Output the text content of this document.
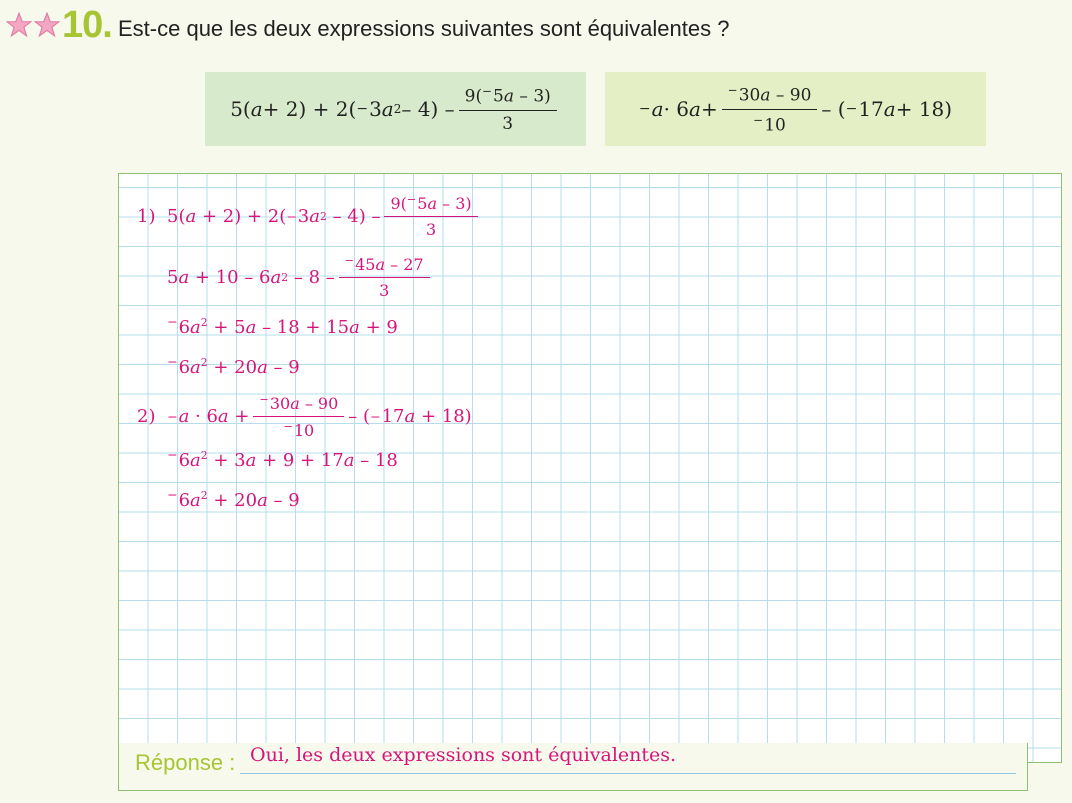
10. Est-ce que les deux expressions suivantes sont équivalentes ?
5( a + 2) + 2( − 3 a $2 - 4) - \frac{9(^-5a - 3)}{3}$	− a · 6 $a + \frac{^-30a - 90}{^-10}$ – ( − 17 a + 18)
1) 5( a + 2) + 2( − 3 a $2 - 4) - \frac{9(^-5a - 3)}{3}$
5 a + 10 – 6 a $2 - 8 - \frac{^-45a - 27}{3}$
$^-6a^2 + 5a - 18 + 15a + 9$
$^-6a^2 + 20a - 9$
2) − a · 6 $a + \frac{^-30a - 90}{^-10}$ – ( − 17 a + 18)
$^-6a^2 + 3a + 9 + 17a - 18$
$^-6a^2 + 20a - 9$
Réponse : Oui, les deux expressions sont équivalentes.
